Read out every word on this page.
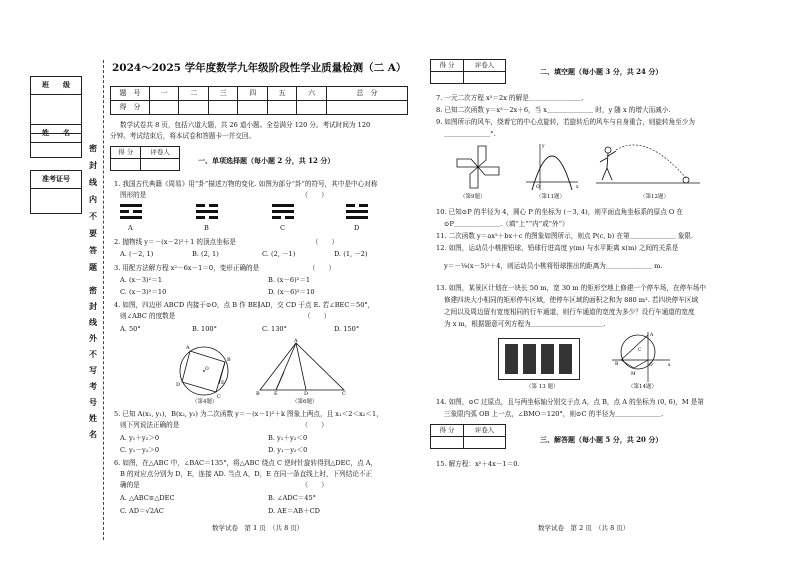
班　　级
姓　　名
准考证号
密
封
线
内
不
要
答
题
密
封
线
外
不
写
考
号
姓
名
2024～2025 学年度数学九年级阶段性学业质量检测（二 A）
题　号	一	二	三	四	五	六	总　分
得　分							
数学试卷共 8 页，包括六道大题，共 26 道小题。全卷满分 120 分。考试时间为 120
分钟。考试结束后，将本试卷和答题卡一并交回。
得 分	评卷人

一、单项选择题（每小题 2 分，共 12 分）
1. 我国古代典籍《周易》用“卦”描述万物的变化. 如图为部分“卦”的符号，其中是中心对称
图形的是　　　　　　　　　　　　　　　　　　　　　　　　（　　）
A	B	C	D
2. 抛物线 y＝－(x－2)²＋1 的顶点坐标是　　　　　　　　　　　　（　　）
A. (－2, 1)	B. (2, 1)	C. (2, －1)	D. (1, －2)
3. 用配方法解方程 x²－6x－1＝0，变形正确的是　　　　　　　　（　　）
A. (x－3)²＝1	B. (x－6)²＝1
C. (x－3)²＝10	D. (x－6)²＝10
4. 如图，四边形 ABCD 内接于⊙O，点 B 作 BE∥AD，交 CD 于点 E. 若∠BEC＝50°，
则∠ABC 的度数是　　　　　　　　　　　　　　　　　　　　（　　）
A. 50°	B. 100°	C. 130°	D. 150°
A
B
C
D	E
O
（第4题）
A
B	C
E	D
（第6题）
5. 已知 A(x₁, y₁)，B(x₂, y₂) 为二次函数 y＝－(x－1)²＋k 图象上两点，且 x₁＜2＜x₂＜1，
则下列说法正确的是　　　　　　　　　　　　　　　　　　　（　　）
A. y₁＋y₂＞0	B. y₁＋y₂＜0
C. y₁－y₂＞0	D. y₁－y₂＜0
6. 如图，在△ABC 中，∠BAC＝135°，将△ABC 绕点 C 逆时针旋转得到△DEC，点 A，
B 的对应点分别为 D，E，连接 AD. 当点 A，D，E 在同一条直线上时，下列结论不正
确的是　　　　　　　　　　　　　　　　　　　　　　　　　（　　）
A. △ABC≌△DEC	B. ∠ADC＝45°
C. AD＝√2AC	D. AE＝AB＋CD
数学试卷　第 1 页　（共 8 页）
得 分	评卷人

二、填空题（每小题 3 分，共 24 分）
7. 一元二次方程 x²＝2x 的解是＿＿＿＿＿＿＿＿.
8. 已知二次函数 y＝x²－2x＋6，当 x＿＿＿＿＿＿＿ 时，y 随 x 的增大而减小.
9. 如图所示的风车，绕着它的中心点旋转，若旋转后的风车与自身重合，则旋转角至少为
＿＿＿＿＿＿＿°.
（第9题）
O	x
y
（第11题）	（第12题）
10. 已知⊙P 的半径为 4，圆心 P 的坐标为 (－3, 4)，则平面直角坐标系的原点 O 在
⊙P＿＿＿＿＿＿＿.（填“上”“内”或“外”）
11. 二次函数 y＝ax²＋bx＋c 的图象如图所示，则点 P(c, b) 在第＿＿＿＿＿＿＿ 象限.
12. 如图，运动员小桃推铅球，铅球行进高度 y(m) 与水平距离 x(m) 之间的关系是
y＝－⅑(x－5)²＋4，则运动员小桃将铅球推出的距离为＿＿＿＿＿＿＿ m.
13. 如图，某景区计划在一块长 50 m，宽 30 m 的矩形空地上修建一个停车场，在停车场中
修建四块大小相同的矩形停车区域，使停车区域的面积之和为 880 m². 若四块停车区域
之间以及周边留有宽度相同的行车通道，则行车通道的宽度为多少？设行车通道的宽度
为 x m，根据题意可列方程为＿＿＿＿＿＿＿＿＿＿＿.
（第 13 题）
A
B	O
M
C
x
（第14题）
14. 如图，⊙C 过原点，且与两坐标轴分别交于点 A，点 B，点 A 的坐标为 (0, 6)，M 是第
三象限内弧 OB 上一点，∠BMO＝120°，则⊙C 的半径为＿＿＿＿＿＿＿.
得 分	评卷人

三、解答题（每小题 5 分，共 20 分）
15. 解方程：x²＋4x－1＝0.
数学试卷　第 2 页　（共 8 页）
